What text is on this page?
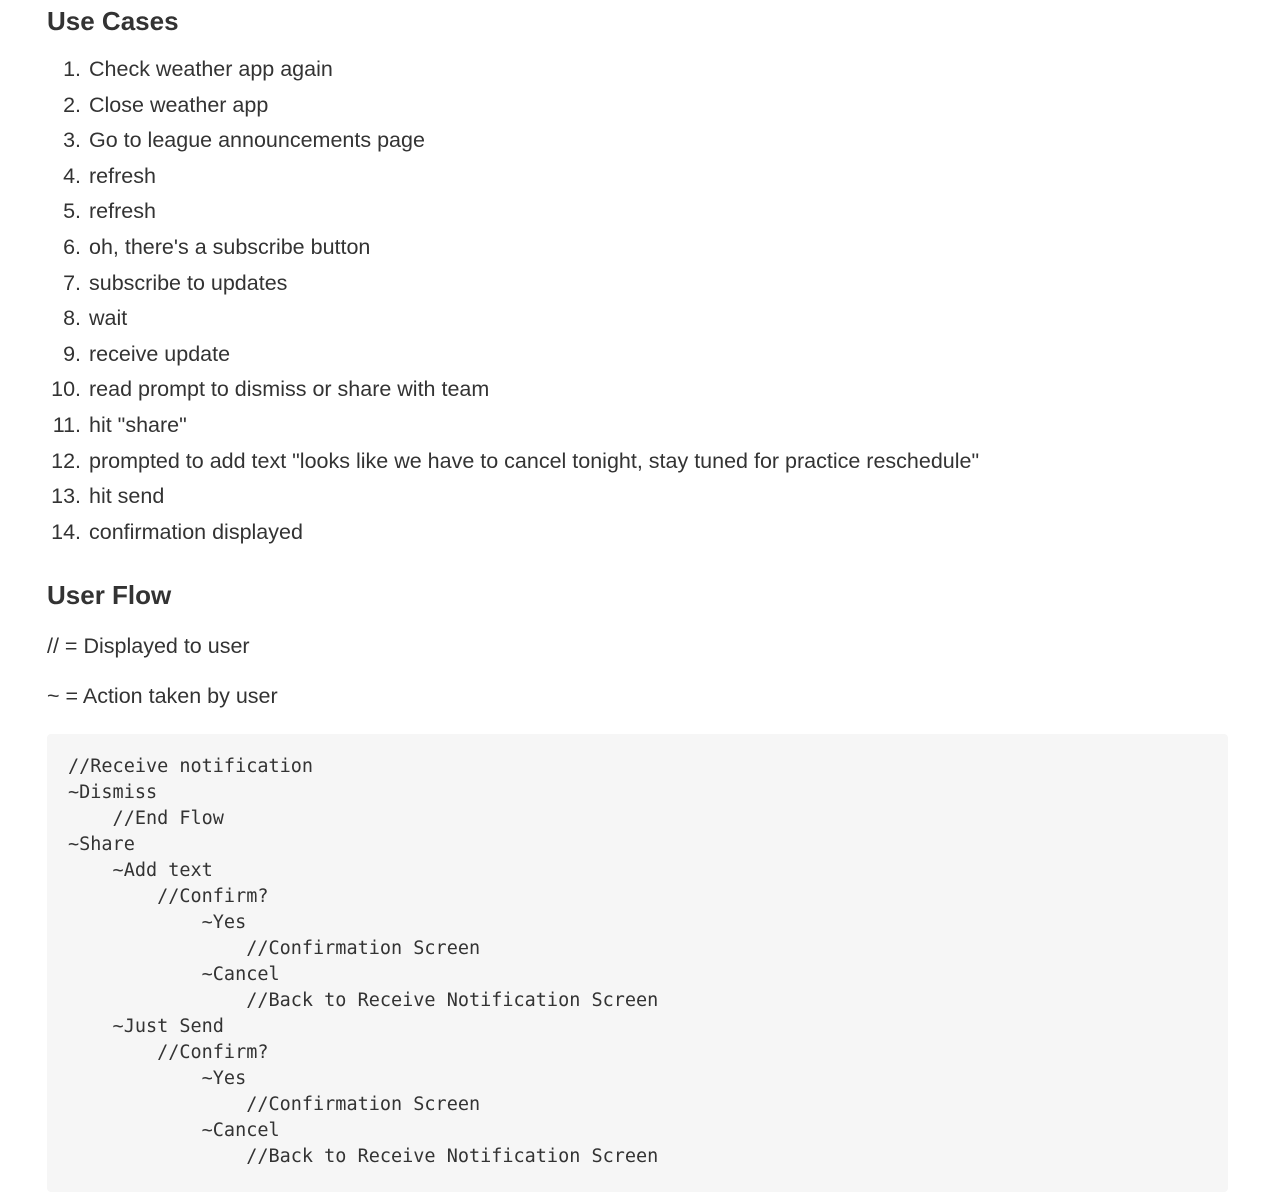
Use Cases
1. Check weather app again
2. Close weather app
3. Go to league announcements page
4. refresh
5. refresh
6. oh, there's a subscribe button
7. subscribe to updates
8. wait
9. receive update
10. read prompt to dismiss or share with team
11. hit "share"
12. prompted to add text "looks like we have to cancel tonight, stay tuned for practice reschedule"
13. hit send
14. confirmation displayed
User Flow

// = Displayed to user

~ = Action taken by user

//Receive notification
~Dismiss
//End Flow
~Share
~Add text
//Confirm?
~Yes
//Confirmation Screen
~Cancel
//Back to Receive Notification Screen
~Just Send
//Confirm?
~Yes
//Confirmation Screen
~Cancel
//Back to Receive Notification Screen
